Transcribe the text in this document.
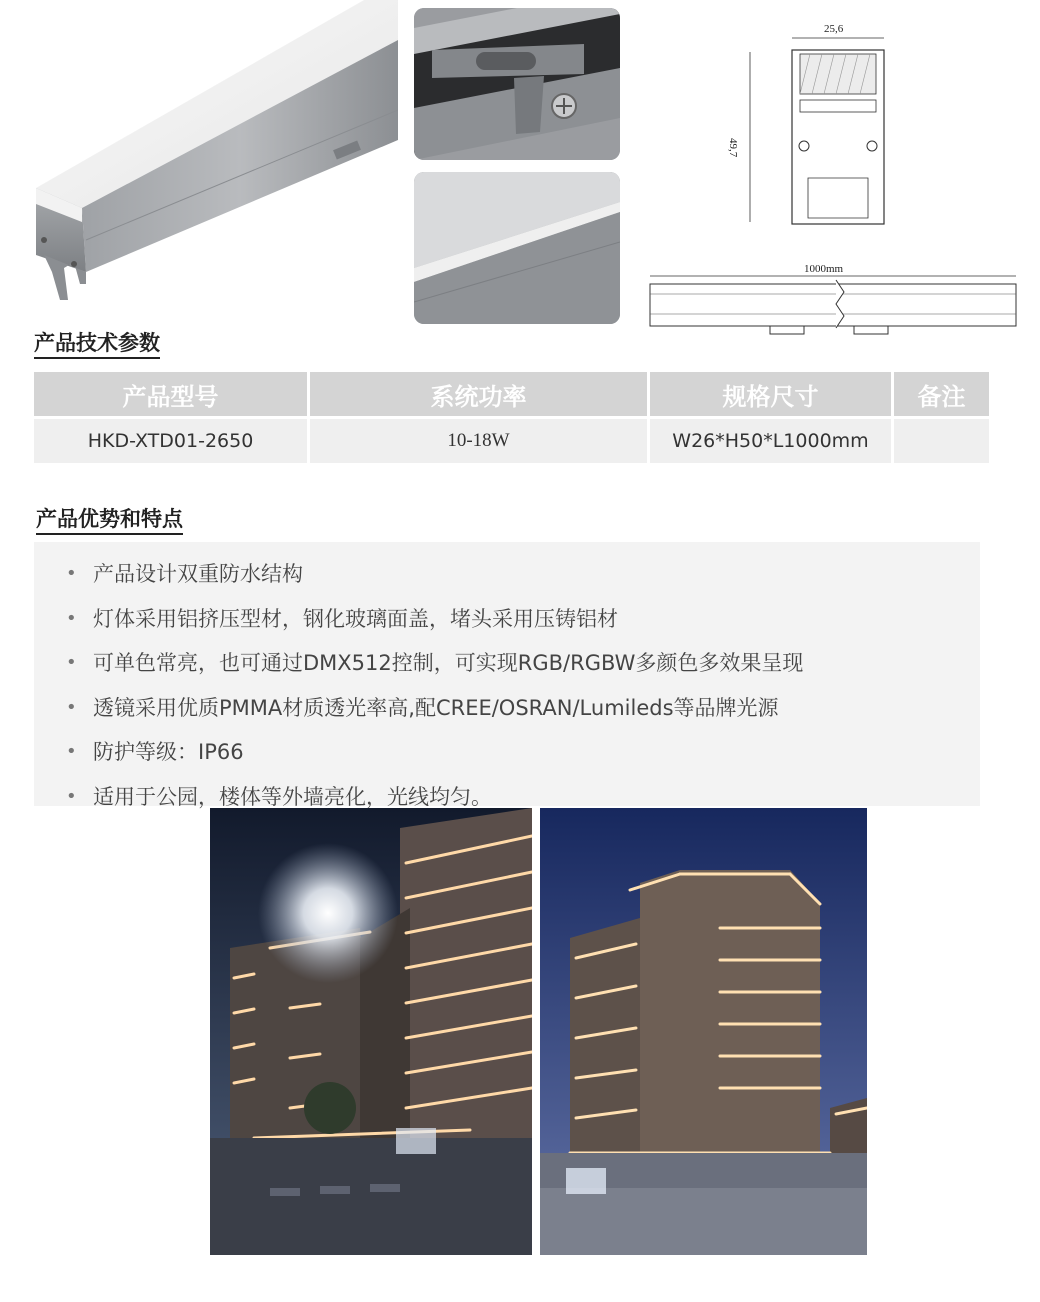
25,6
49,7
1000mm
产品技术参数
产品型号	系统功率	规格尺寸	备注
HKD-XTD01-2650	10-18W	W26*H50*L1000mm	
产品优势和特点
• 产品设计双重防水结构
• 灯体采用铝挤压型材，钢化玻璃面盖，堵头采用压铸铝材
• 可单色常亮，也可通过DMX512控制，可实现RGB/RGBW多颜色多效果呈现
• 透镜采用优质PMMA材质透光率高,配CREE/OSRAN/Lumileds等品牌光源
• 防护等级：IP66
• 适用于公园，楼体等外墙亮化，光线均匀。
